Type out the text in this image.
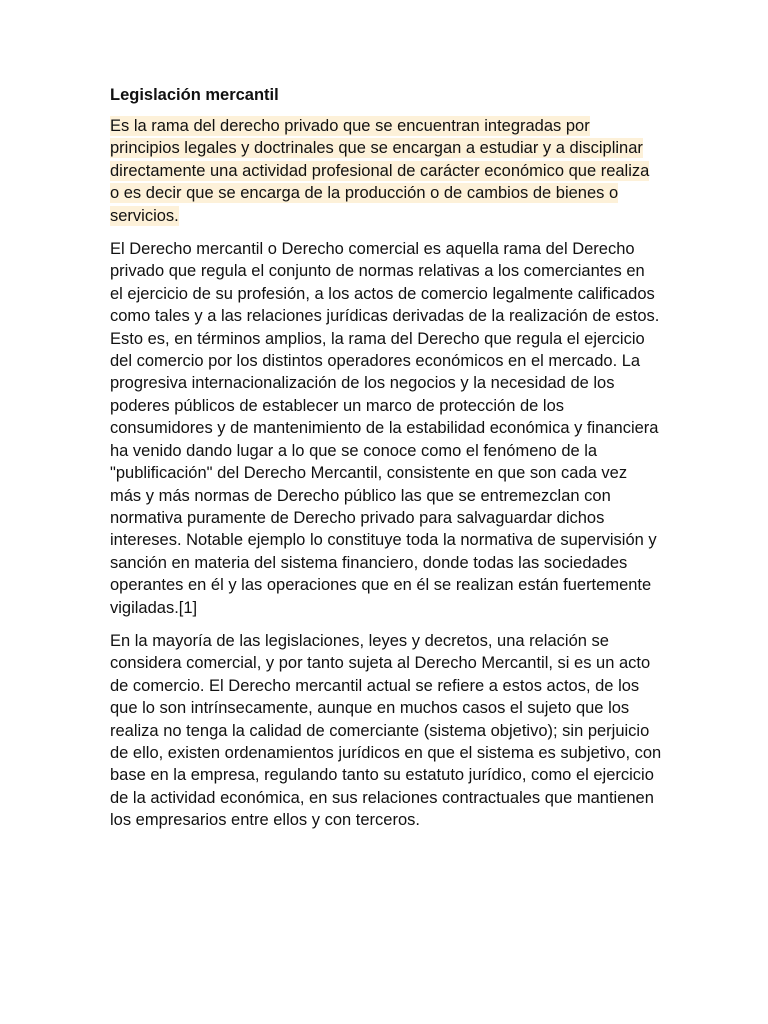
Legislación mercantil

Es la rama del derecho privado que se encuentran integradas por principios legales y doctrinales que se encargan a estudiar y a disciplinar directamente una actividad profesional de carácter económico que realiza o es decir que se encarga de la producción o de cambios de bienes o servicios.

El Derecho mercantil o Derecho comercial es aquella rama del Derecho privado que regula el conjunto de normas relativas a los comerciantes en el ejercicio de su profesión, a los actos de comercio legalmente calificados como tales y a las relaciones jurídicas derivadas de la realización de estos. Esto es, en términos amplios, la rama del Derecho que regula el ejercicio del comercio por los distintos operadores económicos en el mercado. La progresiva internacionalización de los negocios y la necesidad de los poderes públicos de establecer un marco de protección de los consumidores y de mantenimiento de la estabilidad económica y financiera ha venido dando lugar a lo que se conoce como el fenómeno de la "publificación" del Derecho Mercantil, consistente en que son cada vez más y más normas de Derecho público las que se entremezclan con normativa puramente de Derecho privado para salvaguardar dichos intereses. Notable ejemplo lo constituye toda la normativa de supervisión y sanción en materia del sistema financiero, donde todas las sociedades operantes en él y las operaciones que en él se realizan están fuertemente vigiladas.[1]

En la mayoría de las legislaciones, leyes y decretos, una relación se considera comercial, y por tanto sujeta al Derecho Mercantil, si es un acto de comercio. El Derecho mercantil actual se refiere a estos actos, de los que lo son intrínsecamente, aunque en muchos casos el sujeto que los realiza no tenga la calidad de comerciante (sistema objetivo); sin perjuicio de ello, existen ordenamientos jurídicos en que el sistema es subjetivo, con base en la empresa, regulando tanto su estatuto jurídico, como el ejercicio de la actividad económica, en sus relaciones contractuales que mantienen los empresarios entre ellos y con terceros.
